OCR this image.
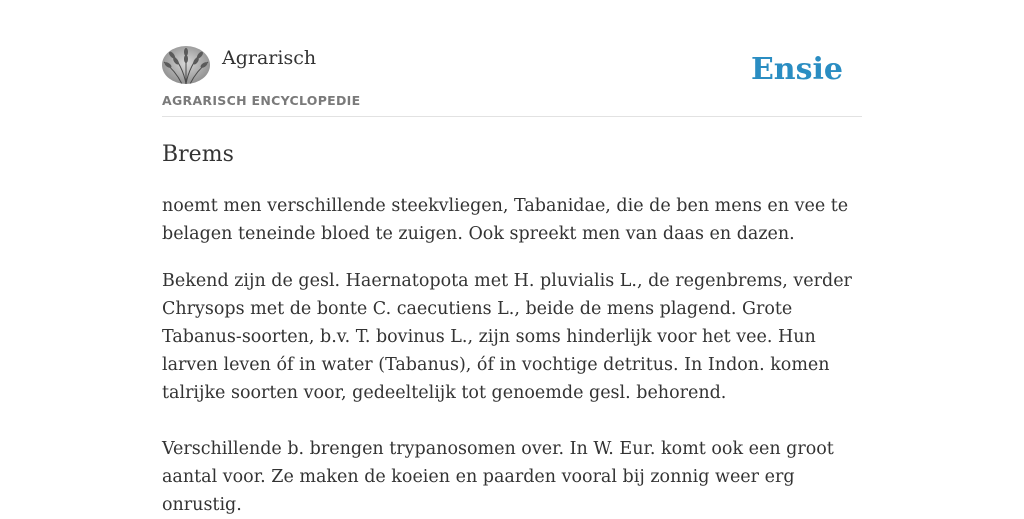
Agrarisch
AGRARISCH ENCYCLOPEDIE
Ensie
Brems

noemt men verschillende steekvliegen, Tabanidae, die de ben mens en vee te belagen teneinde bloed te zuigen. Ook spreekt men van daas en dazen.

Bekend zijn de gesl. Haernatopota met H. pluvialis L., de regenbrems, verder Chrysops met de bonte C. caecutiens L., beide de mens plagend. Grote Tabanus-soorten, b.v. T. bovinus L., zijn soms hinderlijk voor het vee. Hun larven leven óf in water (Tabanus), óf in vochtige detritus. In Indon. komen talrijke soorten voor, gedeeltelijk tot genoemde gesl. behorend.

Verschillende b. brengen trypanosomen over. In W. Eur. komt ook een groot aantal voor. Ze maken de koeien en paarden vooral bij zonnig weer erg onrustig.
